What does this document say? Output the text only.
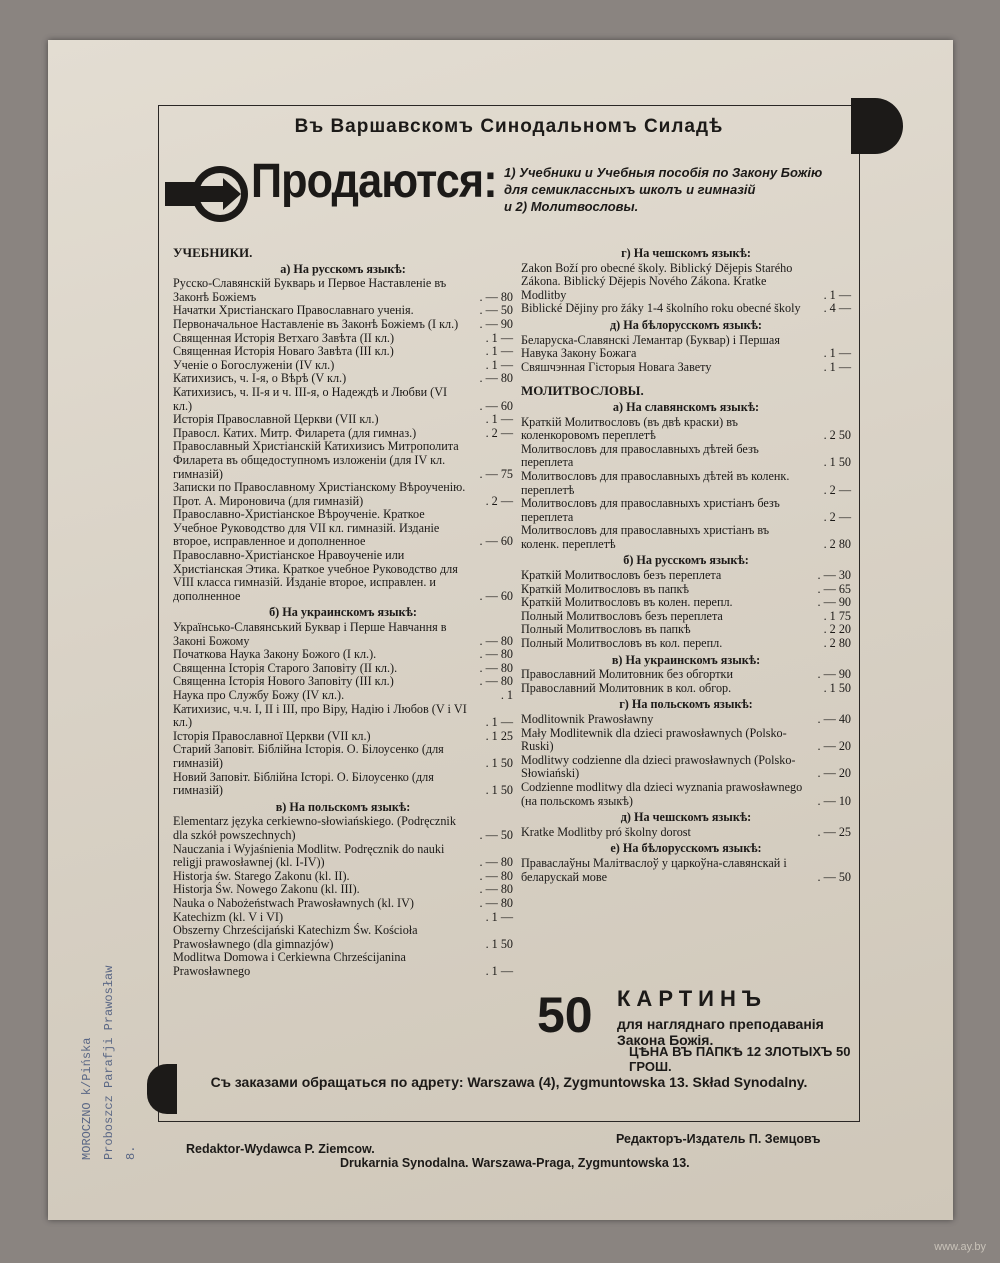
Въ Варшавскомъ Синодальномъ Силадѣ
Продаются: 1) Учебники и Учебныя пособія по Закону Божію
для семиклассныхъ школъ и гимназій
и 2) Молитвословы.
УЧЕБНИКИ.
а) На русскомъ языкѣ:
Русско-Славянскій Букварь и Первое Наставленіе въ Законѣ Божіемъ	. — 80
Начатки Христіанскаго Православнаго ученія.	. — 50
Первоначальное Наставленіе въ Законѣ Божіемъ (I кл.)	. — 90
Священная Исторія Ветхаго Завѣта (II кл.)	. 1 —
Священная Исторія Новаго Завѣта (III кл.)	. 1 —
Ученіе о Богослуженіи (IV кл.)	. 1 —
Катихизисъ, ч. I-я, о Вѣрѣ (V кл.)	. — 80
Катихизисъ, ч. II-я и ч. III-я, о Надеждѣ и Любви (VI кл.)	. — 60
Исторія Православной Церкви (VII кл.)	. 1 —
Правосл. Катих. Митр. Филарета (для гимназ.)	. 2 —
Православный Христіанскій Катихизисъ Митрополита Филарета въ общедоступномъ изложеніи (для IV кл. гимназій)	. — 75
Записки по Православному Христіанскому Вѣроученію. Прот. А. Мироновича (для гимназій)	. 2 —
Православно-Христіанское Вѣроученіе. Краткое Учебное Руководство для VII кл. гимназій. Изданіе второе, исправленное и дополненное	. — 60
Православно-Христіанское Нравоученіе или Христіанская Этика. Краткое учебное Руководство для VIII класса гимназій. Изданіе второе, исправлен. и дополненное	. — 60
б) На украинскомъ языкѣ:
Українсько-Славянський Буквар і Перше Навчання в Законі Божому	. — 80
Початкова Наука Закону Божого (I кл.).	. — 80
Священна Історія Старого Заповіту (II кл.).	. — 80
Священна Історія Нового Заповіту (III кл.)	. — 80
Наука про Службу Божу (IV кл.).	. 1
Катихизис, ч.ч. I, II і III, про Віру, Надію і Любов (V і VI кл.)	. 1 —
Історія Православної Церкви (VII кл.)	. 1 25
Старий Заповіт. Біблійна Історія. О. Білоусенко (для гимназій)	. 1 50
Новий Заповіт. Біблійна Історі. О. Білоусенко (для гимназій)	. 1 50
в) На польскомъ языкѣ:
Elementarz języka cerkiewno-słowiańskiego. (Podręcznik dla szkół powszechnych)	. — 50
Nauczania i Wyjaśnienia Modlitw. Podręcznik do nauki religji prawosławnej (kl. I-IV))	. — 80
Historja św. Starego Zakonu (kl. II).	. — 80
Historja Św. Nowego Zakonu (kl. III).	. — 80
Nauka o Nabożeństwach Prawosławnych (kl. IV)	. — 80
Katechizm (kl. V i VI)	. 1 —
Obszerny Chrześcijański Katechizm Św. Kościoła Prawosławnego (dla gimnazjów)	. 1 50
Modlitwa Domowa i Cerkiewna Chrześcijanina Prawosławnego	. 1 —
г) На чешскомъ языкѣ:
Zakon Boží pro obecné školy. Biblický Dějepis Starého Zákona. Biblický Dějepis Nového Zákona. Kratke Modlitby	. 1 —
Biblické Dějiny pro žáky 1-4 školního roku obecné školy	. 4 —
д) На бѣлорусскомъ языкѣ:
Беларуска-Славянскі Лемантар (Буквар) і Першая Навука Закону Божага	. 1 —
Свяшчэнная Гісторыя Новага Завету	. 1 —
МОЛИТВОСЛОВЫ.
а) На славянскомъ языкѣ:
Краткій Молитвословъ (въ двѣ краски) въ коленкоровомъ переплетѣ	. 2 50
Молитвословъ для православныхъ дѣтей безъ переплета	. 1 50
Молитвословъ для православныхъ дѣтей въ коленк. переплетѣ	. 2 —
Молитвословъ для православныхъ христіанъ безъ переплета	. 2 —
Молитвословъ для православныхъ христіанъ въ коленк. переплетѣ	. 2 80
б) На русскомъ языкѣ:
Краткій Молитвословъ безъ переплета	. — 30
Краткій Молитвословъ въ папкѣ	. — 65
Краткій Молитвословъ въ колен. перепл.	. — 90
Полный Молитвословъ безъ переплета	. 1 75
Полный Молитвословъ въ папкѣ	. 2 20
Полный Молитвословъ въ кол. перепл.	. 2 80
в) На украинскомъ языкѣ:
Православний Молитовник без обгортки	. — 90
Православний Молитовник в кол. обгор.	. 1 50
г) На польскомъ языкѣ:
Modlitownik Prawosławny	. — 40
Mały Modlitewnik dla dzieci prawosławnych (Polsko-Ruski)	. — 20
Modlitwy codzienne dla dzieci prawosławnych (Polsko-Słowiański)	. — 20
Codzienne modlitwy dla dzieci wyznania prawosławnego (на польскомъ языкѣ)	. — 10
д) На чешскомъ языкѣ:
Kratke Modlitby pró školny dorost	. — 25
е) На бѣлорусскомъ языкѣ:
Праваслаўны Малітваслоў у царкоўна-славянскай і беларускай мове	. — 50
50 КАРТИНЪ
для нагляднаго преподаванія Закона Божія.
ЦѢНА ВЪ ПАПКѢ 12 ЗЛОТЫХЪ 50 ГРОШ.
Съ заказами обращаться по адрету: Warszawa (4), Zygmuntowska 13. Skład Synodalny.
Redaktor-Wydawca P. Ziemcow.
Редакторъ-Издатель П. Земцовъ
Drukarnia Synodalna. Warszawa-Praga, Zygmuntowska 13.
MOROCZNO k/Pińska Proboszcz Parafji Prawosław 8.
www.ay.by
